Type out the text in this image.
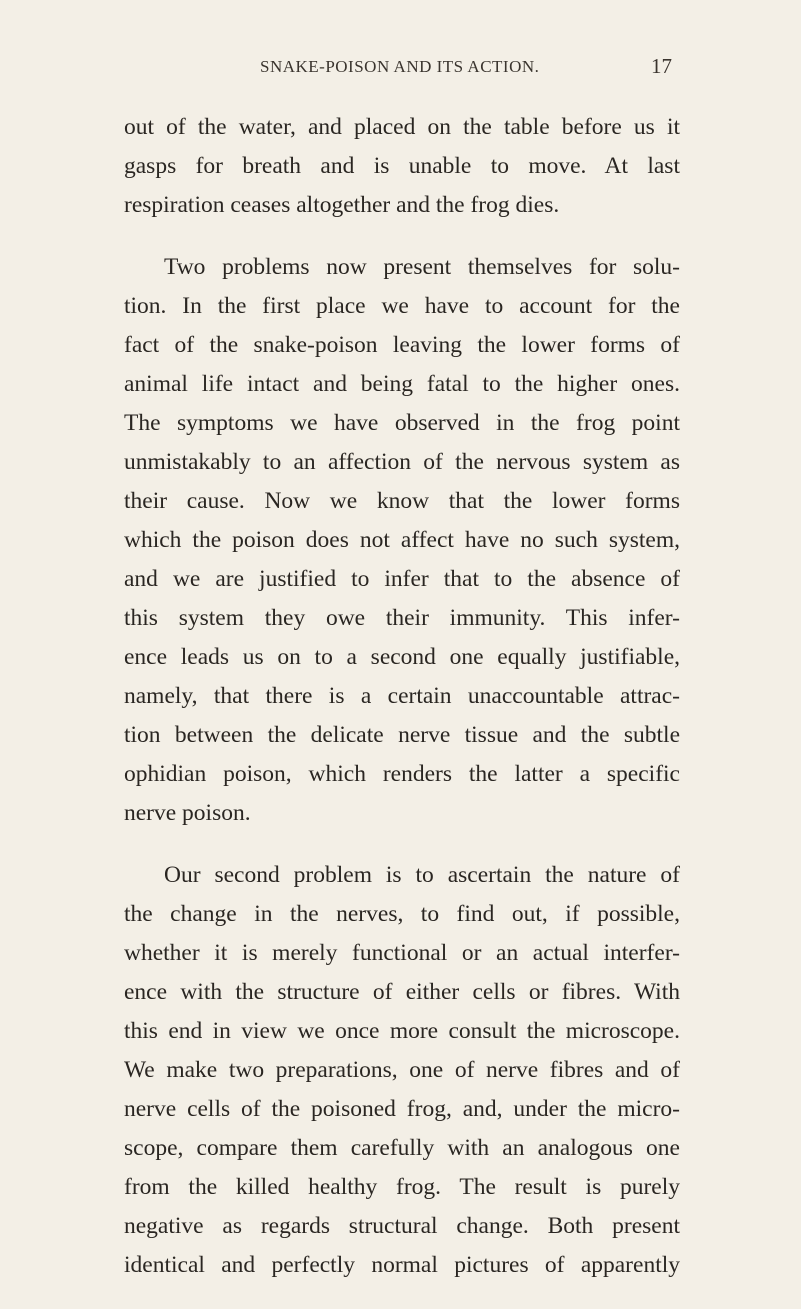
SNAKE-POISON AND ITS ACTION.	17
out of the water, and placed on the table before us it
gasps for breath and is unable to move. At last
respiration ceases altogether and the frog dies.
Two problems now present themselves for solu-
tion. In the first place we have to account for the
fact of the snake-poison leaving the lower forms of
animal life intact and being fatal to the higher ones.
The symptoms we have observed in the frog point
unmistakably to an affection of the nervous system as
their cause. Now we know that the lower forms
which the poison does not affect have no such system,
and we are justified to infer that to the absence of
this system they owe their immunity. This infer-
ence leads us on to a second one equally justifiable,
namely, that there is a certain unaccountable attrac-
tion between the delicate nerve tissue and the subtle
ophidian poison, which renders the latter a specific
nerve poison.
Our second problem is to ascertain the nature of
the change in the nerves, to find out, if possible,
whether it is merely functional or an actual interfer-
ence with the structure of either cells or fibres. With
this end in view we once more consult the microscope.
We make two preparations, one of nerve fibres and of
nerve cells of the poisoned frog, and, under the micro-
scope, compare them carefully with an analogous one
from the killed healthy frog. The result is purely
negative as regards structural change. Both present
identical and perfectly normal pictures of apparently
